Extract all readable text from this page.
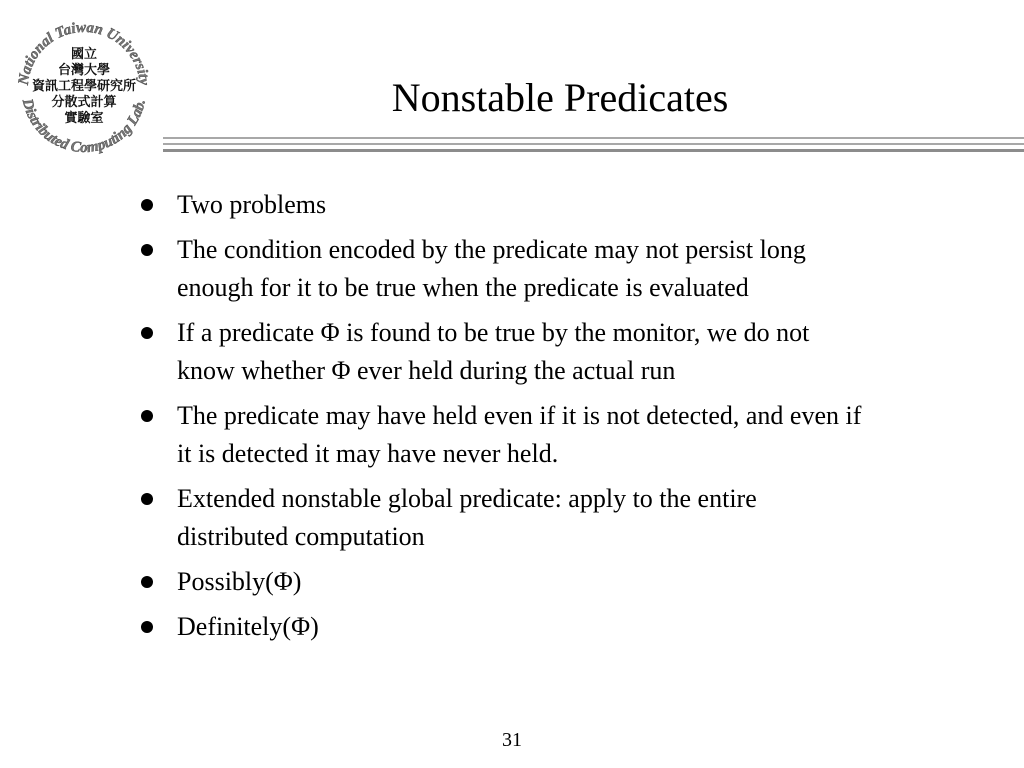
National Taiwan University
Distributed Computing Lab.
國立
台灣大學
資訊工程學研究所
分散式計算
實驗室	Nonstable Predicates
Two problems
The condition encoded by the predicate may not persist long
enough for it to be true when the predicate is evaluated
If a predicate Φ is found to be true by the monitor, we do not
know whether Φ ever held during the actual run
The predicate may have held even if it is not detected, and even if
it is detected it may have never held.
Extended nonstable global predicate: apply to the entire
distributed computation
Possibly(Φ)
Definitely(Φ)

31
